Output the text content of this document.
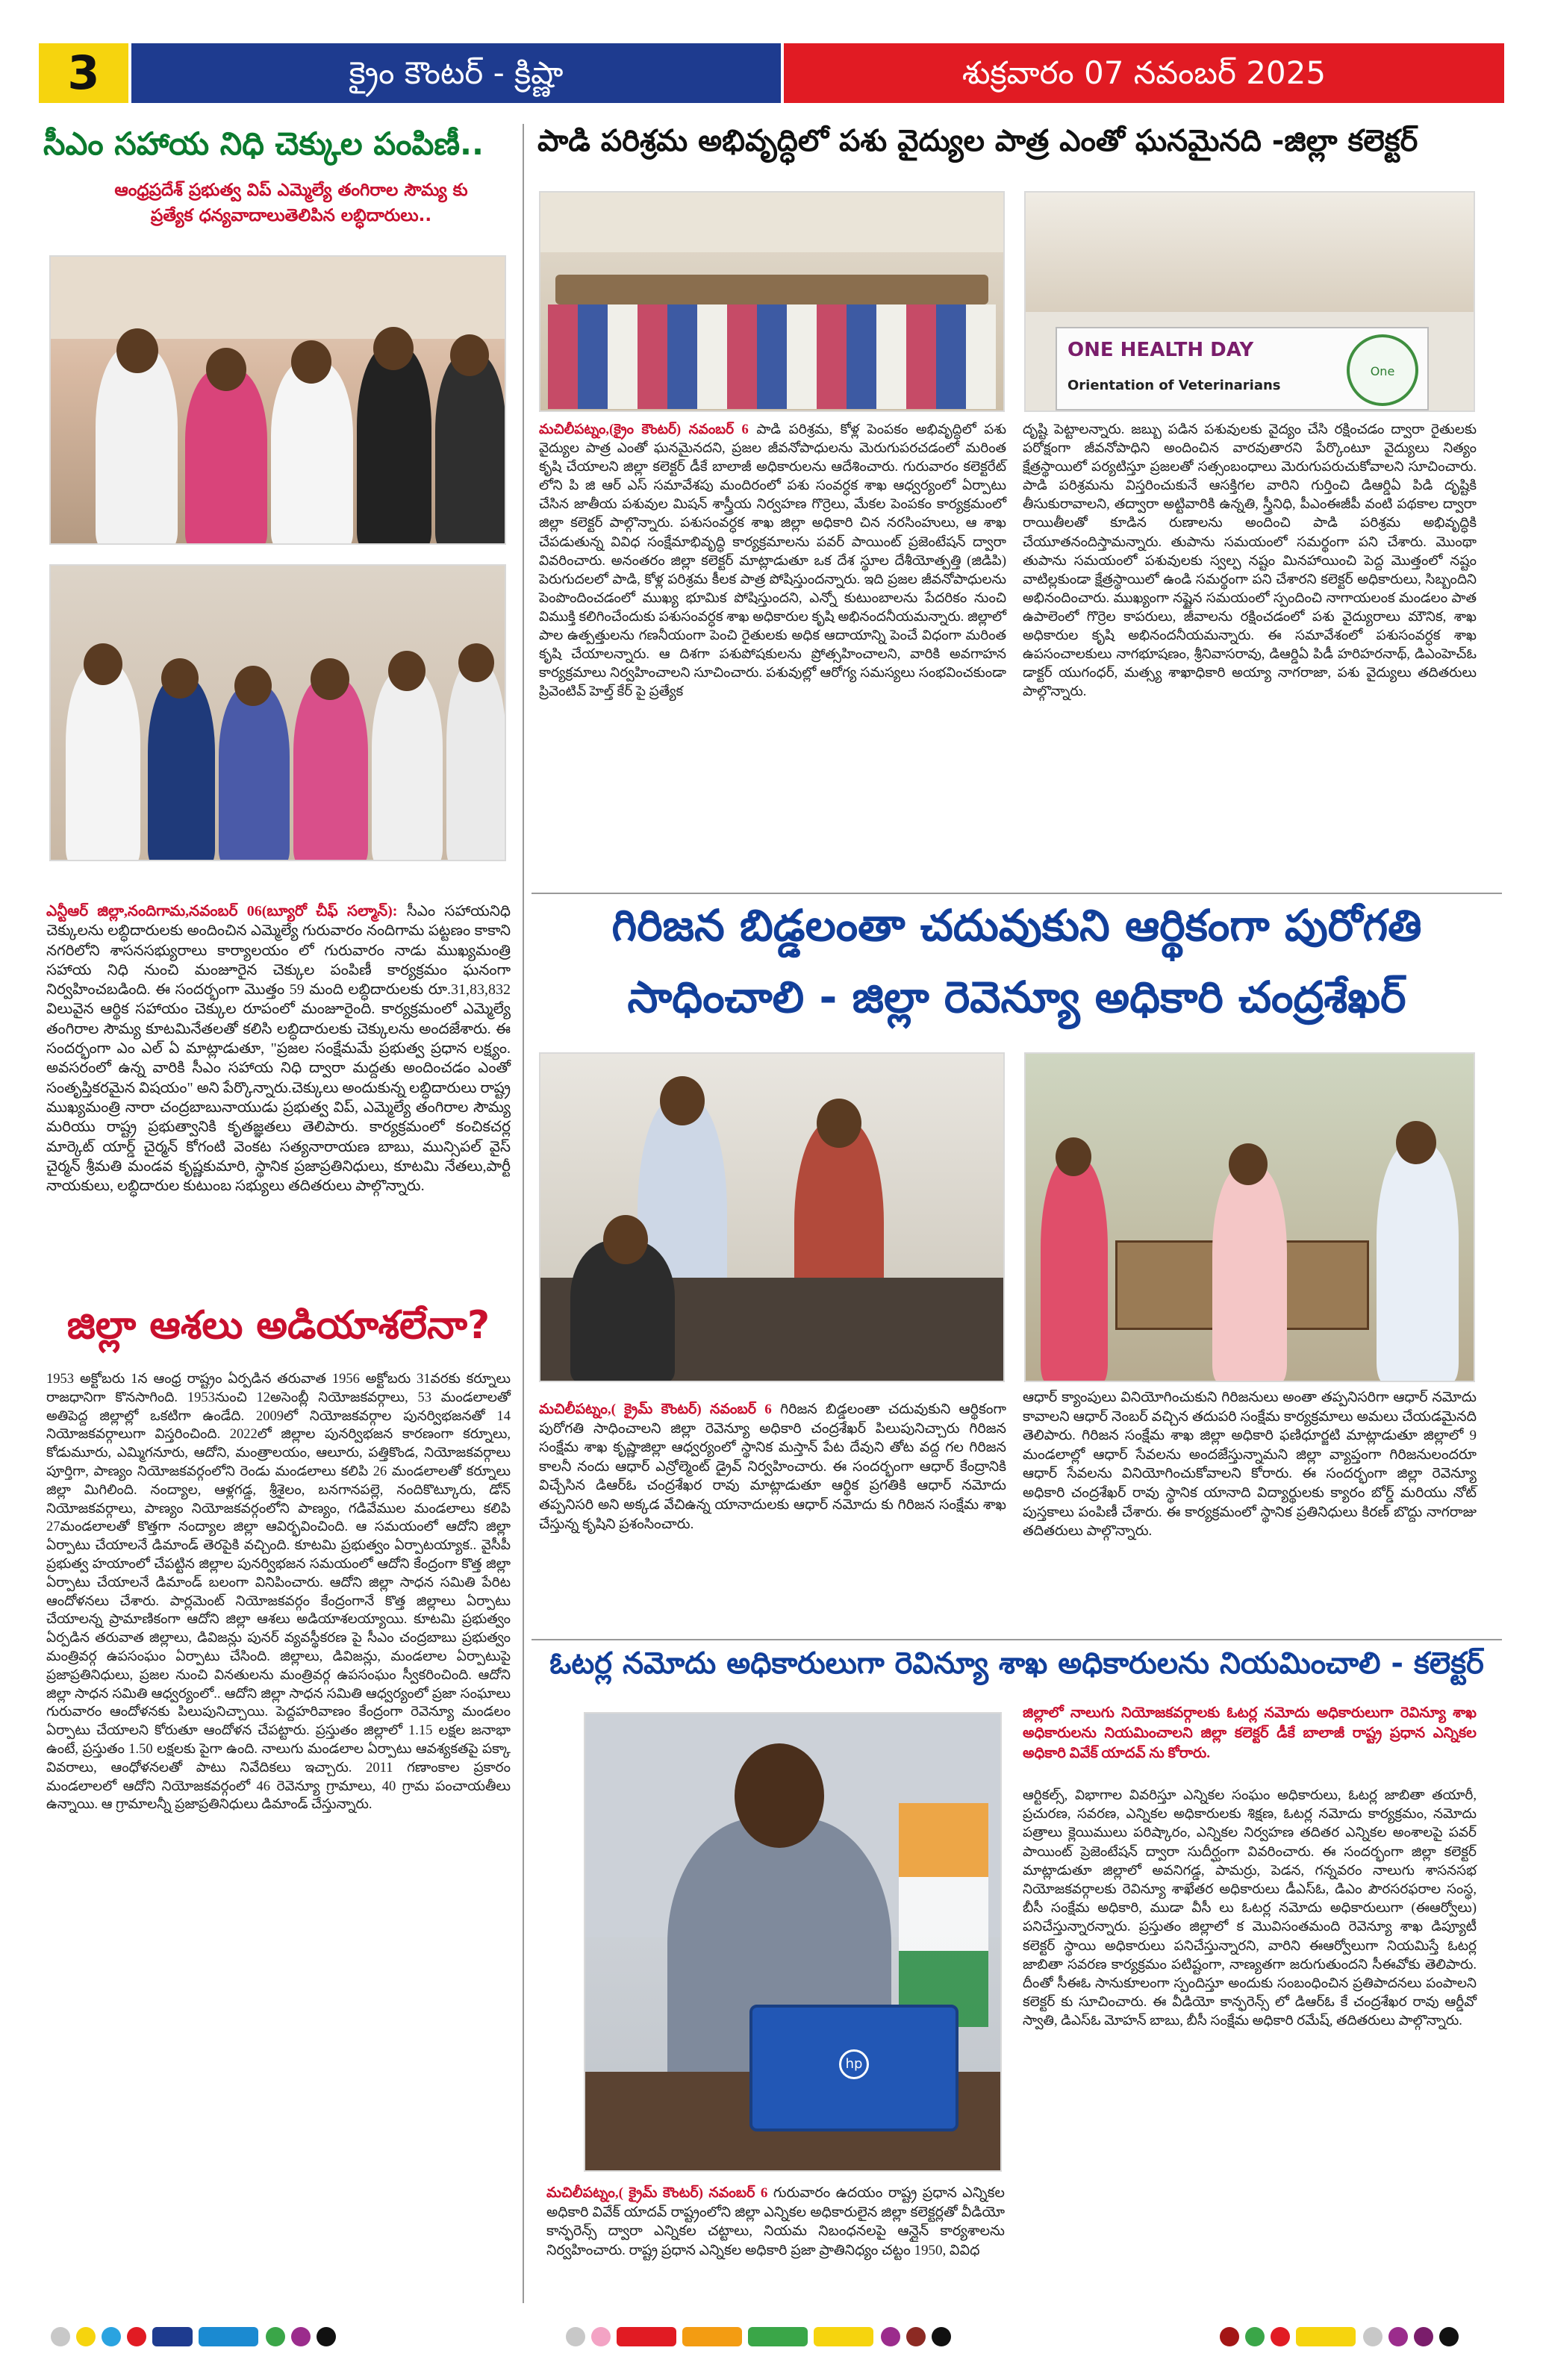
3	క్రైం కౌంటర్ - క్రిష్ణా	శుక్రవారం 07 నవంబర్ 2025
సీఎం సహాయ నిధి చెక్కుల పంపిణీ..
ఆంధ్రప్రదేశ్ ప్రభుత్వ విప్ ఎమ్మెల్యే తంగిరాల సౌమ్య కు ప్రత్యేక ధన్యవాదాలుతెలిపిన లబ్ధిదారులు..
ఎన్టీఆర్ జిల్లా,నందిగామ,నవంబర్ 06(బ్యూరో చీఫ్ సల్మాన్): సీఎం సహాయనిధి చెక్కులను లబ్ధిదారులకు అందించిన ఎమ్మెల్యే గురువారం నందిగామ పట్టణం కాకాని నగరిలోని శాసనసభ్యురాలు కార్యాలయం లో గురువారం నాడు ముఖ్యమంత్రి సహాయ నిధి నుంచి మంజూరైన చెక్కుల పంపిణీ కార్యక్రమం ఘనంగా నిర్వహించబడింది. ఈ సందర్భంగా మొత్తం 59 మంది లబ్ధిదారులకు రూ.31,83,832 విలువైన ఆర్థిక సహాయం చెక్కుల రూపంలో మంజూరైంది. కార్యక్రమంలో ఎమ్మెల్యే తంగిరాల సౌమ్య కూటమినేతలతో కలిసి లబ్ధిదారులకు చెక్కులను అందజేశారు. ఈ సందర్భంగా ఎం ఎల్ ఏ మాట్లాడుతూ, "ప్రజల సంక్షేమమే ప్రభుత్వ ప్రధాన లక్ష్యం. అవసరంలో ఉన్న వారికి సీఎం సహాయ నిధి ద్వారా మద్దతు అందించడం ఎంతో సంతృప్తికరమైన విషయం" అని పేర్కొన్నారు.చెక్కులు అందుకున్న లబ్ధిదారులు రాష్ట్ర ముఖ్యమంత్రి నారా చంద్రబాబునాయుడు ప్రభుత్వ విప్, ఎమ్మెల్యే తంగిరాల సౌమ్య మరియు రాష్ట్ర ప్రభుత్వానికి కృతజ్ఞతలు తెలిపారు. కార్యక్రమంలో కంచికచర్ల మార్కెట్ యార్డ్ చైర్మన్ కోగంటి వెంకట సత్యనారాయణ బాబు, మున్సిపల్ వైస్ చైర్మన్ శ్రీమతి మండవ కృష్ణకుమారి, స్థానిక ప్రజాప్రతినిధులు, కూటమి నేతలు,పార్టీ నాయకులు, లబ్ధిదారుల కుటుంబ సభ్యులు తదితరులు పాల్గొన్నారు.
జిల్లా ఆశలు అడియాశలేనా?
1953 అక్టోబరు 1న ఆంధ్ర రాష్ట్రం ఏర్పడిన తరువాత 1956 అక్టోబరు 31వరకు కర్నూలు రాజధానిగా కొనసాగింది. 1953నుంచి 12అసెంబ్లీ నియోజకవర్గాలు, 53 మండలాలతో అతిపెద్ద జిల్లాల్లో ఒకటిగా ఉండేది. 2009లో నియోజకవర్గాల పునర్విభజనతో 14 నియోజకవర్గాలుగా విస్తరించింది. 2022లో జిల్లాల పునర్విభజన కారణంగా కర్నూలు, కోడుమూరు, ఎమ్మిగనూరు, ఆదోని, మంత్రాలయం, ఆలూరు, పత్తికొండ, నియోజకవర్గాలు పూర్తిగా, పాణ్యం నియోజకవర్గంలోని రెండు మండలాలు కలిపి 26 మండలాలతో కర్నూలు జిల్లా మిగిలింది. నంద్యాల, ఆళ్లగడ్డ, శ్రీశైలం, బనగానపల్లె, నందికొట్కూరు, డోన్ నియోజకవర్గాలు, పాణ్యం నియోజకవర్గంలోని పాణ్యం, గడివేముల మండలాలు కలిపి 27మండలాలతో కొత్తగా నంద్యాల జిల్లా ఆవిర్భవించింది. ఆ సమయంలో ఆదోని జిల్లా ఏర్పాటు చేయాలనే డిమాండ్ తెరపైకి వచ్చింది. కూటమి ప్రభుత్వం ఏర్పాటయ్యాక.. వైసీపీ ప్రభుత్వ హయాంలో చేపట్టిన జిల్లాల పునర్విభజన సమయంలో ఆదోని కేంద్రంగా కొత్త జిల్లా ఏర్పాటు చేయాలనే డిమాండ్ బలంగా వినిపించారు. ఆదోని జిల్లా సాధన సమితి పేరిట ఆందోళనలు చేశారు. పార్లమెంట్ నియోజకవర్గం కేంద్రంగానే కొత్త జిల్లాలు ఏర్పాటు చేయాలన్న ప్రామాణికంగా ఆదోని జిల్లా ఆశలు అడియాశలయ్యాయి. కూటమి ప్రభుత్వం ఏర్పడిన తరువాత జిల్లాలు, డివిజన్లు పునర్ వ్యవస్థీకరణ పై సీఎం చంద్రబాబు ప్రభుత్వం మంత్రివర్గ ఉపసంఘం ఏర్పాటు చేసింది. జిల్లాలు, డివిజన్లు, మండలాల ఏర్పాటుపై ప్రజాప్రతినిధులు, ప్రజల నుంచి వినతులను మంత్రివర్గ ఉపసంఘం స్వీకరించింది. ఆదోని జిల్లా సాధన సమితి ఆధ్వర్యంలో.. ఆదోని జిల్లా సాధన సమితి ఆధ్వర్యంలో ప్రజా సంఘాలు గురువారం ఆందోళనకు పిలుపునిచ్చాయి. పెద్దహరివాణం కేంద్రంగా రెవెన్యూ మండలం ఏర్పాటు చేయాలని కోరుతూ ఆందోళన చేపట్టారు. ప్రస్తుతం జిల్లాలో 1.15 లక్షల జనాభా ఉంటే, ప్రస్తుతం 1.50 లక్షలకు పైగా ఉంది. నాలుగు మండలాల ఏర్పాటు ఆవశ్యకతపై పక్కా వివరాలు, ఆంధోళనలతో పాటు నివేదికలు ఇచ్చారు. 2011 గణాంకాల ప్రకారం మండలాలలో ఆదోని నియోజకవర్గంలో 46 రెవెన్యూ గ్రామాలు, 40 గ్రామ పంచాయతీలు ఉన్నాయి. ఆ గ్రామాలన్నీ ప్రజాప్రతినిధులు డిమాండ్ చేస్తున్నారు.
పాడి పరిశ్రమ అభివృద్ధిలో పశు వైద్యుల పాత్ర ఎంతో ఘనమైనది -జిల్లా కలెక్టర్
ONE HEALTH DAY
Orientation of Veterinarians
One
మచిలీపట్నం,(క్రైం కౌంటర్) నవంబర్ 6 పాడి పరిశ్రమ, కోళ్ల పెంపకం అభివృద్ధిలో పశు వైద్యుల పాత్ర ఎంతో ఘనమైనదని, ప్రజల జీవనోపాధులను మెరుగుపరచడంలో మరింత కృషి చేయాలని జిల్లా కలెక్టర్ డీకే బాలాజీ అధికారులను ఆదేశించారు. గురువారం కలెక్టరేట్ లోని పి జి ఆర్ ఎస్ సమావేశపు మందిరంలో పశు సంవర్ధక శాఖ ఆధ్వర్యంలో ఏర్పాటు చేసిన జాతీయ పశువుల మిషన్ శాస్త్రీయ నిర్వహణ గొర్రెలు, మేకల పెంపకం కార్యక్రమంలో జిల్లా కలెక్టర్ పాల్గొన్నారు. పశుసంవర్ధక శాఖ జిల్లా అధికారి చిన నరసింహులు, ఆ శాఖ చేపడుతున్న వివిధ సంక్షేమాభివృద్ధి కార్యక్రమాలను పవర్ పాయింట్ ప్రజెంటేషన్ ద్వారా వివరించారు. అనంతరం జిల్లా కలెక్టర్ మాట్లాడుతూ ఒక దేశ స్థూల దేశీయోత్పత్తి (జిడిపి) పెరుగుదలలో పాడి, కోళ్ల పరిశ్రమ కీలక పాత్ర పోషిస్తుందన్నారు. ఇది ప్రజల జీవనోపాధులను పెంపొందించడంలో ముఖ్య భూమిక పోషిస్తుందని, ఎన్నో కుటుంబాలను పేదరికం నుంచి విముక్తి కలిగించేందుకు పశుసంవర్ధక శాఖ అధికారుల కృషి అభినందనీయమన్నారు. జిల్లాలో పాల ఉత్పత్తులను గణనీయంగా పెంచి రైతులకు అధిక ఆదాయాన్ని పెంచే విధంగా మరింత కృషి చేయాలన్నారు. ఆ దిశగా పశుపోషకులను ప్రోత్సహించాలని, వారికి అవగాహన కార్యక్రమాలు నిర్వహించాలని సూచించారు. పశువుల్లో ఆరోగ్య సమస్యలు సంభవించకుండా ప్రివెంటివ్ హెల్త్ కేర్ పై ప్రత్యేక
దృష్టి పెట్టాలన్నారు. జబ్బు పడిన పశువులకు వైద్యం చేసి రక్షించడం ద్వారా రైతులకు పరోక్షంగా జీవనోపాధిని అందించిన వారవుతారని పేర్కొంటూ వైద్యులు నిత్యం క్షేత్రస్థాయిలో పర్యటిస్తూ ప్రజలతో సత్సంబంధాలు మెరుగుపరుచుకోవాలని సూచించారు. పాడి పరిశ్రమను విస్తరించుకునే ఆసక్తిగల వారిని గుర్తించి డిఆర్డిఏ పిడి దృష్టికి తీసుకురావాలని, తద్వారా అట్టివారికి ఉన్నతి, స్త్రీనిధి, పీఎంఈజీపీ వంటి పథకాల ద్వారా రాయితీలతో కూడిన రుణాలను అందించి పాడి పరిశ్రమ అభివృద్ధికి చేయూతనందిస్తామన్నారు. తుపాను సమయంలో సమర్థంగా పని చేశారు. మొంథా తుపాను సమయంలో పశువులకు స్వల్ప నష్టం మినహాయించి పెద్ద మొత్తంలో నష్టం వాటిల్లకుండా క్షేత్రస్థాయిలో ఉండి సమర్థంగా పని చేశారని కలెక్టర్ అధికారులు, సిబ్బందిని అభినందించారు. ముఖ్యంగా నష్టైన సమయంలో స్పందించి నాగాయలంక మండలం పాత ఉపాలెంలో గొర్రెల కాపరులు, జీవాలను రక్షించడంలో పశు వైద్యురాలు మౌనిక, శాఖ అధికారుల కృషి అభినందనీయమన్నారు. ఈ సమావేశంలో పశుసంవర్ధక శాఖ ఉపసంచాలకులు నాగభూషణం, శ్రీనివాసరావు, డిఆర్డిఏ పిడీ హరిహరనాథ్, డిఎంహెచ్ఓ డాక్టర్ యుగంధర్, మత్స్య శాఖాధికారి అయ్యా నాగరాజా, పశు వైద్యులు తదితరులు పాల్గొన్నారు.
గిరిజన బిడ్డలంతా చదువుకుని ఆర్థికంగా పురోగతి
సాధించాలి - జిల్లా రెవెన్యూ అధికారి చంద్రశేఖర్
మచిలీపట్నం,( క్రైమ్ కౌంటర్) నవంబర్ 6 గిరిజన బిడ్డలంతా చదువుకుని ఆర్థికంగా పురోగతి సాధించాలని జిల్లా రెవెన్యూ అధికారి చంద్రశేఖర్ పిలుపునిచ్చారు గిరిజన సంక్షేమ శాఖ కృష్ణాజిల్లా ఆధ్వర్యంలో స్థానిక మస్తాన్ పేట దేవుని తోట వద్ద గల గిరిజన కాలనీ నందు ఆధార్ ఎన్రోల్మెంట్ డ్రైవ్ నిర్వహించారు. ఈ సందర్భంగా ఆధార్ కేంద్రానికి విచ్చేసిన డిఆర్ఓ చంద్రశేఖర రావు మాట్లాడుతూ ఆర్థిక ప్రగతికి ఆధార్ నమోదు తప్పనిసరి అని అక్కడ వేచిఉన్న యానాదులకు ఆధార్ నమోదు కు గిరిజన సంక్షేమ శాఖ చేస్తున్న కృషిని ప్రశంసించారు.
ఆధార్ క్యాంపులు వినియోగించుకుని గిరిజనులు అంతా తప్పనిసరిగా ఆధార్ నమోదు కావాలని ఆధార్ నెంబర్ వచ్చిన తదుపరి సంక్షేమ కార్యక్రమాలు అమలు చేయడమైనది తెలిపారు. గిరిజన సంక్షేమ శాఖ జిల్లా అధికారి ఫణిధూర్జటి మాట్లాడుతూ జిల్లాలో 9 మండలాల్లో ఆధార్ సేవలను అందజేస్తున్నామని జిల్లా వ్యాప్తంగా గిరిజనులందరూ ఆధార్ సేవలను వినియోగించుకోవాలని కోరారు. ఈ సందర్భంగా జిల్లా రెవెన్యూ అధికారి చంద్రశేఖర్ రావు స్థానిక యానాది విద్యార్థులకు క్యారం బోర్డ్ మరియు నోట్ పుస్తకాలు పంపిణీ చేశారు. ఈ కార్యక్రమంలో స్థానిక ప్రతినిధులు కిరణ్ బొద్దు నాగరాజు తదితరులు పాల్గొన్నారు.
ఓటర్ల నమోదు అధికారులుగా రెవిన్యూ శాఖ అధికారులను నియమించాలి - కలెక్టర్
hp
మచిలీపట్నం,( క్రైమ్ కౌంటర్) నవంబర్ 6 గురువారం ఉదయం రాష్ట్ర ప్రధాన ఎన్నికల అధికారి వివేక్ యాదవ్ రాష్ట్రంలోని జిల్లా ఎన్నికల అధికారులైన జిల్లా కలెక్టర్లతో వీడియో కాన్ఫరెన్స్ ద్వారా ఎన్నికల చట్టాలు, నియమ నిబంధనలపై ఆన్లైన్ కార్యశాలను నిర్వహించారు. రాష్ట్ర ప్రధాన ఎన్నికల అధికారి ప్రజా ప్రాతినిధ్యం చట్టం 1950, వివిధ
జిల్లాలో నాలుగు నియోజకవర్గాలకు ఓటర్ల నమోదు అధికారులుగా రెవిన్యూ శాఖ అధికారులను నియమించాలని జిల్లా కలెక్టర్ డీకే బాలాజీ రాష్ట్ర ప్రధాన ఎన్నికల అధికారి వివేక్ యాదవ్ ను కోరారు.
ఆర్టికల్స్, విభాగాల వివరిస్తూ ఎన్నికల సంఘం అధికారులు, ఓటర్ల జాబితా తయారీ, ప్రచురణ, సవరణ, ఎన్నికల అధికారులకు శిక్షణ, ఓటర్ల నమోదు కార్యక్రమం, నమోదు పత్రాలు క్లెయిములు పరిష్కారం, ఎన్నికల నిర్వహణ తదితర ఎన్నికల అంశాలపై పవర్ పాయింట్ ప్రెజెంటేషన్ ద్వారా సుదీర్ఘంగా వివరించారు. ఈ సందర్భంగా జిల్లా కలెక్టర్ మాట్లాడుతూ జిల్లాలో అవనిగడ్డ, పామర్రు, పెడన, గన్నవరం నాలుగు శాసనసభ నియోజకవర్గాలకు రెవిన్యూ శాఖేతర అధికారులు డీఎస్ఓ, డిఎం పౌరసరఫరాల సంస్థ, బీసీ సంక్షేమ అధికారి, ముడా వీసీ లు ఓటర్ల నమోదు అధికారులుగా (ఈఆర్వోలు) పనిచేస్తున్నారన్నారు. ప్రస్తుతం జిల్లాలో క మొవిసంతమంది రెవెన్యూ శాఖ డిప్యూటీ కలెక్టర్ స్థాయి అధికారులు పనిచేస్తున్నారని, వారిని ఈఆర్వోలుగా నియమిస్తే ఓటర్ల జాబితా సవరణ కార్యక్రమం పటిష్టంగా, నాణ్యతగా జరుగుతుందని సీఈవోకు తెలిపారు. దీంతో సీఈఓ సానుకూలంగా స్పందిస్తూ అందుకు సంబంధించిన ప్రతిపాదనలు పంపాలని కలెక్టర్ కు సూచించారు. ఈ వీడియో కాన్ఫరెన్స్ లో డిఆర్ఓ కే చంద్రశేఖర రావు ఆర్డీవో స్వాతి, డిఎస్ఓ మోహన్ బాబు, బీసీ సంక్షేమ అధికారి రమేష్, తదితరులు పాల్గొన్నారు.
